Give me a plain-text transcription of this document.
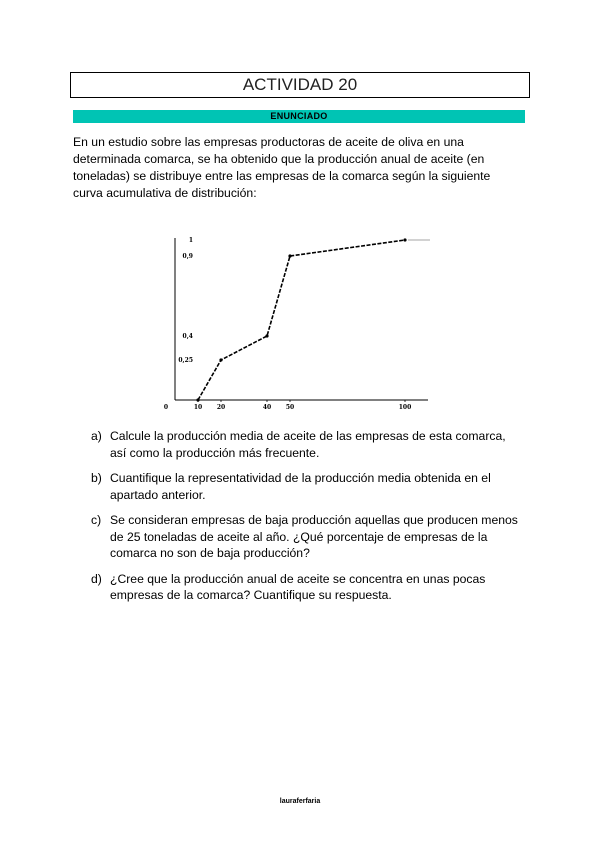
ACTIVIDAD 20
ENUNCIADO

En un estudio sobre las empresas productoras de aceite de oliva en una determinada comarca, se ha obtenido que la producción anual de aceite (en toneladas) se distribuye entre las empresas de la comarca según la siguiente curva acumulativa de distribución:

1
0,9
0,4
0,25
0	10 20	40 50	100
a) Calcule la producción media de aceite de las empresas de esta comarca, así como la producción más frecuente.
b) Cuantifique la representatividad de la producción media obtenida en el apartado anterior.
c) Se consideran empresas de baja producción aquellas que producen menos de 25 toneladas de aceite al año. ¿Qué porcentaje de empresas de la comarca no son de baja producción?
d) ¿Cree que la producción anual de aceite se concentra en unas pocas empresas de la comarca? Cuantifique su respuesta.
lauraferfaria
